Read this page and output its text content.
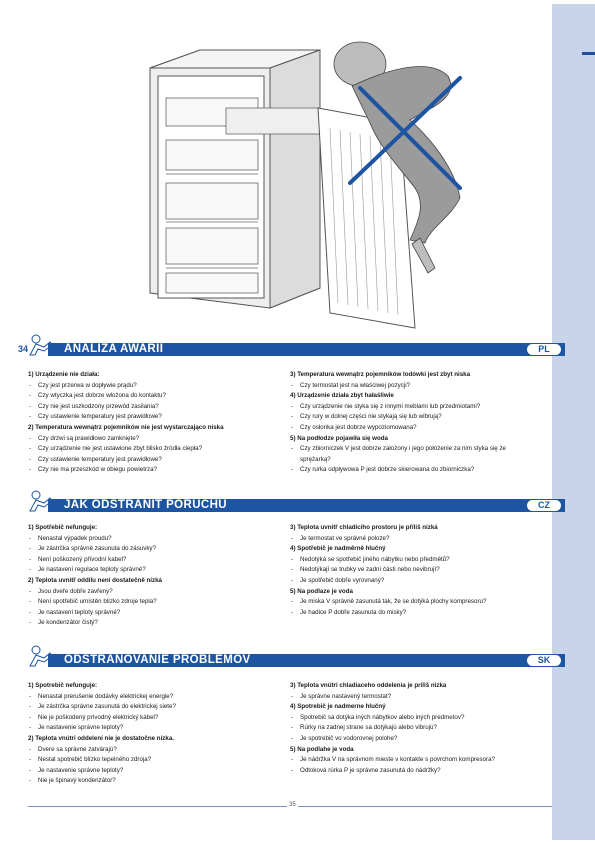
34	ANALIZA AWARII	PL
1) Urządzenie nie działa:
- Czy jest przerwa w dopływie prądu?
- Czy wtyczka jest dobrze włożona do kontaktu?
- Czy nie jest uszkodzony przewód zasilania?
- Czy ustawienie temperatury jest prawidłowe?
2) Temperatura wewnątrz pojemników nie jest wystarczająco niska
- Czy drzwi są prawidłowo zamknięte?
- Czy urządzenie nie jest ustawione zbyt blisko źródła ciepła?
- Czy ustawienie temperatury jest prawidłowe?
- Czy nie ma przeszkód w obiegu powietrza?
3) Temperatura wewnątrz pojemników lodówki jest zbyt niska
- Czy termostat jest na właściwej pozycji?
4) Urządzenie działa zbyt hałaśliwie
- Czy urządzenie nie styka się z innymi meblami lub przedmiotami?
- Czy rury w dolnej części nie stykają się lub wibrują?
- Czy osłonka jest dobrze wypoziomowana?
5) Na podłodze pojawiła się woda
- Czy zbiorniczek V jest dobrze założony i jego położenie za nim styka się ze
sprężarką?
- Czy rurka odpływowa P jest dobrze skierowana do zbiorniczka?
JAK ODSTRANIT PORUCHU	CZ
1) Spotřebič nefunguje:
- Nenastal výpadek proudu?
- Je zástrčka správně zasunuta do zásuvky?
- Není poškozený přívodní kabel?
- Je nastavení regulace teploty správné?
2) Teplota uvnitř oddílu není dostatečně nízká
- Jsou dveře dobře zavřeny?
- Není spotřebič umístěn blízko zdroje tepla?
- Je nastavení teploty správné?
- Je kondenzátor čistý?
3) Teplota uvnitř chladicího prostoru je příliš nízká
- Je termostat ve správné poloze?
4) Spotřebič je nadměrně hlučný
- Nedotýká se spotřebič jiného nábytku nebo předmětů?
- Nedotýkají se trubky ve zadní části nebo nevibrují?
- Je spotřebič dobře vyrovnaný?
5) Na podlaze je voda
- Je miska V správně zasunutá tak, že se dotýká plochy kompresoru?
- Je hadice P dobře zasunuta do misky?
ODSTRAŇOVANIE PROBLÉMOV	SK
1) Spotrebič nefunguje:
- Nenastal prerušenie dodávky elektrickej energie?
- Je zástrčka správne zasunutá do elektrickej siete?
- Nie je poškodený prívodný elektrický kábel?
- Je nastavenie správne teploty?
2) Teplota vnútri oddelení nie je dostatočne nízka.
- Dvere sa správne zatvárajú?
- Nestal spotrebič blízko tepelného zdroja?
- Je nastavenie správne teploty?
- Nie je špinavý kondenzátor?
3) Teplota vnútri chladiaceho oddelenia je príliš nízka
- Je správne nastavený termostat?
4) Spotrebič je nadmerne hlučný
- Spotrebič sa dotýka iných nábytkov alebo iných predmetov?
- Rúrky na zadnej strane sa dotýkajú alebo vibrujú?
- Je spotrebič vo vodorovnej polohe?
5) Na podlahe je voda
- Je nádržka V na správnom mieste v kontakte s povrchom kompresora?
- Odtoková rúrka P je správne zasunutá do nádržky?
35
